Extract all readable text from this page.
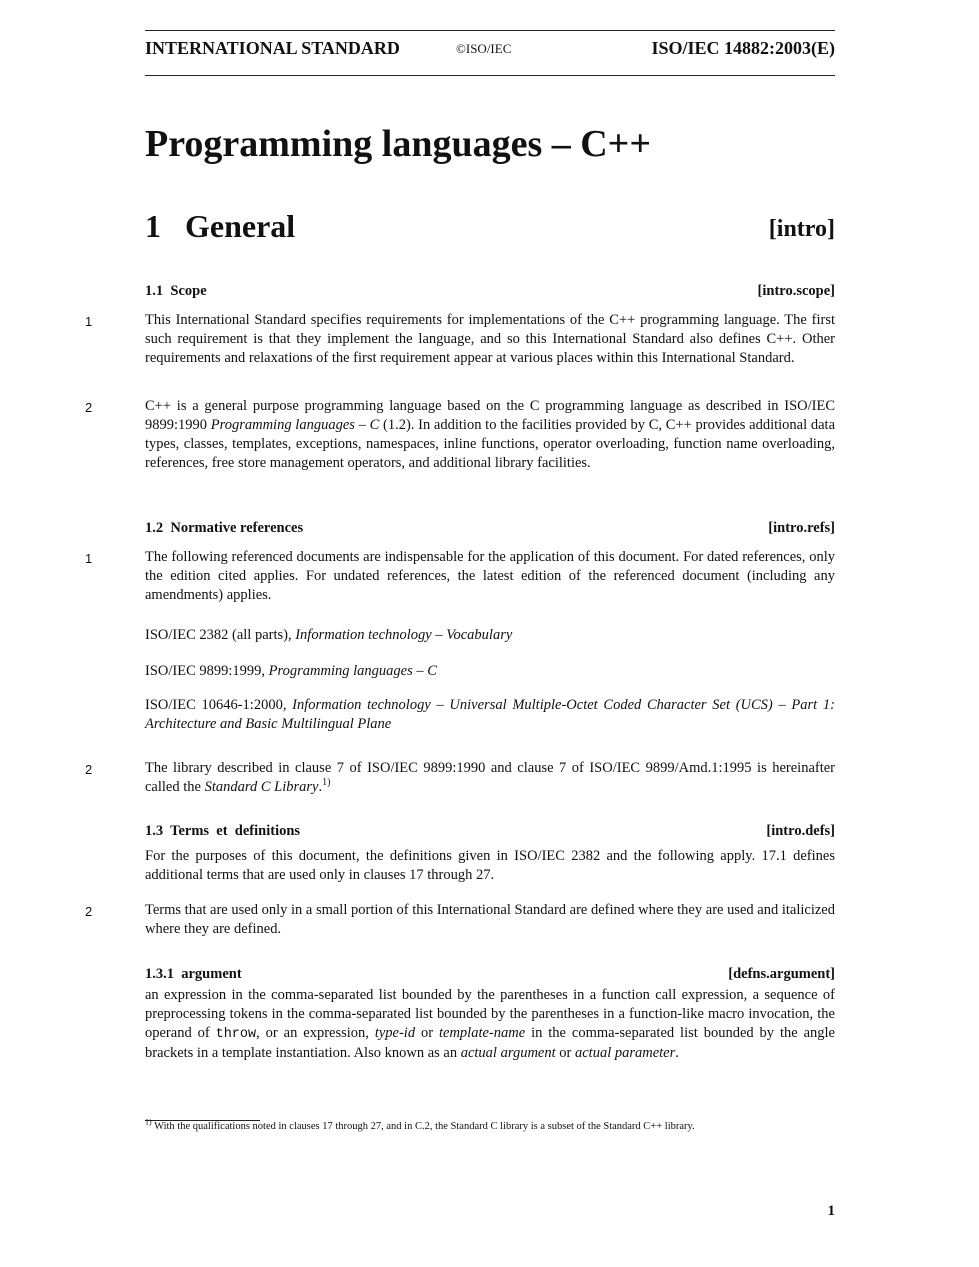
INTERNATIONAL STANDARD	©ISO/IEC	ISO/IEC 14882:2003(E)
Programming languages – C++
1 General	[intro]
1.1  Scope	[intro.scope]
1	This International Standard specifies requirements for implementations of the C++ programming language. The first such requirement is that they implement the language, and so this International Standard also defines C++. Other requirements and relaxations of the first requirement appear at various places within this International Standard.

2	C++ is a general purpose programming language based on the C programming language as described in ISO/IEC 9899:1990 Programming languages – C (1.2). In addition to the facilities provided by C, C++ provides additional data types, classes, templates, exceptions, namespaces, inline functions, operator overloading, function name overloading, references, free store management operators, and additional library facilities.

1.2  Normative references	[intro.refs]
1	The following referenced documents are indispensable for the application of this document. For dated references, only the edition cited applies. For undated references, the latest edition of the referenced document (including any amendments) applies.

ISO/IEC 2382 (all parts), Information technology – Vocabulary

ISO/IEC 9899:1999, Programming languages – C

ISO/IEC 10646-1:2000, Information technology – Universal Multiple-Octet Coded Character Set (UCS) – Part 1: Architecture and Basic Multilingual Plane

2	The library described in clause 7 of ISO/IEC 9899:1990 and clause 7 of ISO/IEC 9899/Amd.1:1995 is hereinafter called the Standard C Library.$^{1)}$

1.3  Terms  et  definitions	[intro.defs]

For the purposes of this document, the definitions given in ISO/IEC 2382 and the following apply. 17.1 defines additional terms that are used only in clauses 17 through 27.

2	Terms that are used only in a small portion of this International Standard are defined where they are used and italicized where they are defined.

1.3.1  argument	[defns.argument]

an expression in the comma-separated list bounded by the parentheses in a function call expression, a sequence of preprocessing tokens in the comma-separated list bounded by the parentheses in a function-like macro invocation, the operand of throw, or an expression, type-id or template-name in the comma-separated list bounded by the angle brackets in a template instantiation. Also known as an actual argument or actual parameter.

$^{1)}$ With the qualifications noted in clauses 17 through 27, and in C.2, the Standard C library is a subset of the Standard C++ library.
1
